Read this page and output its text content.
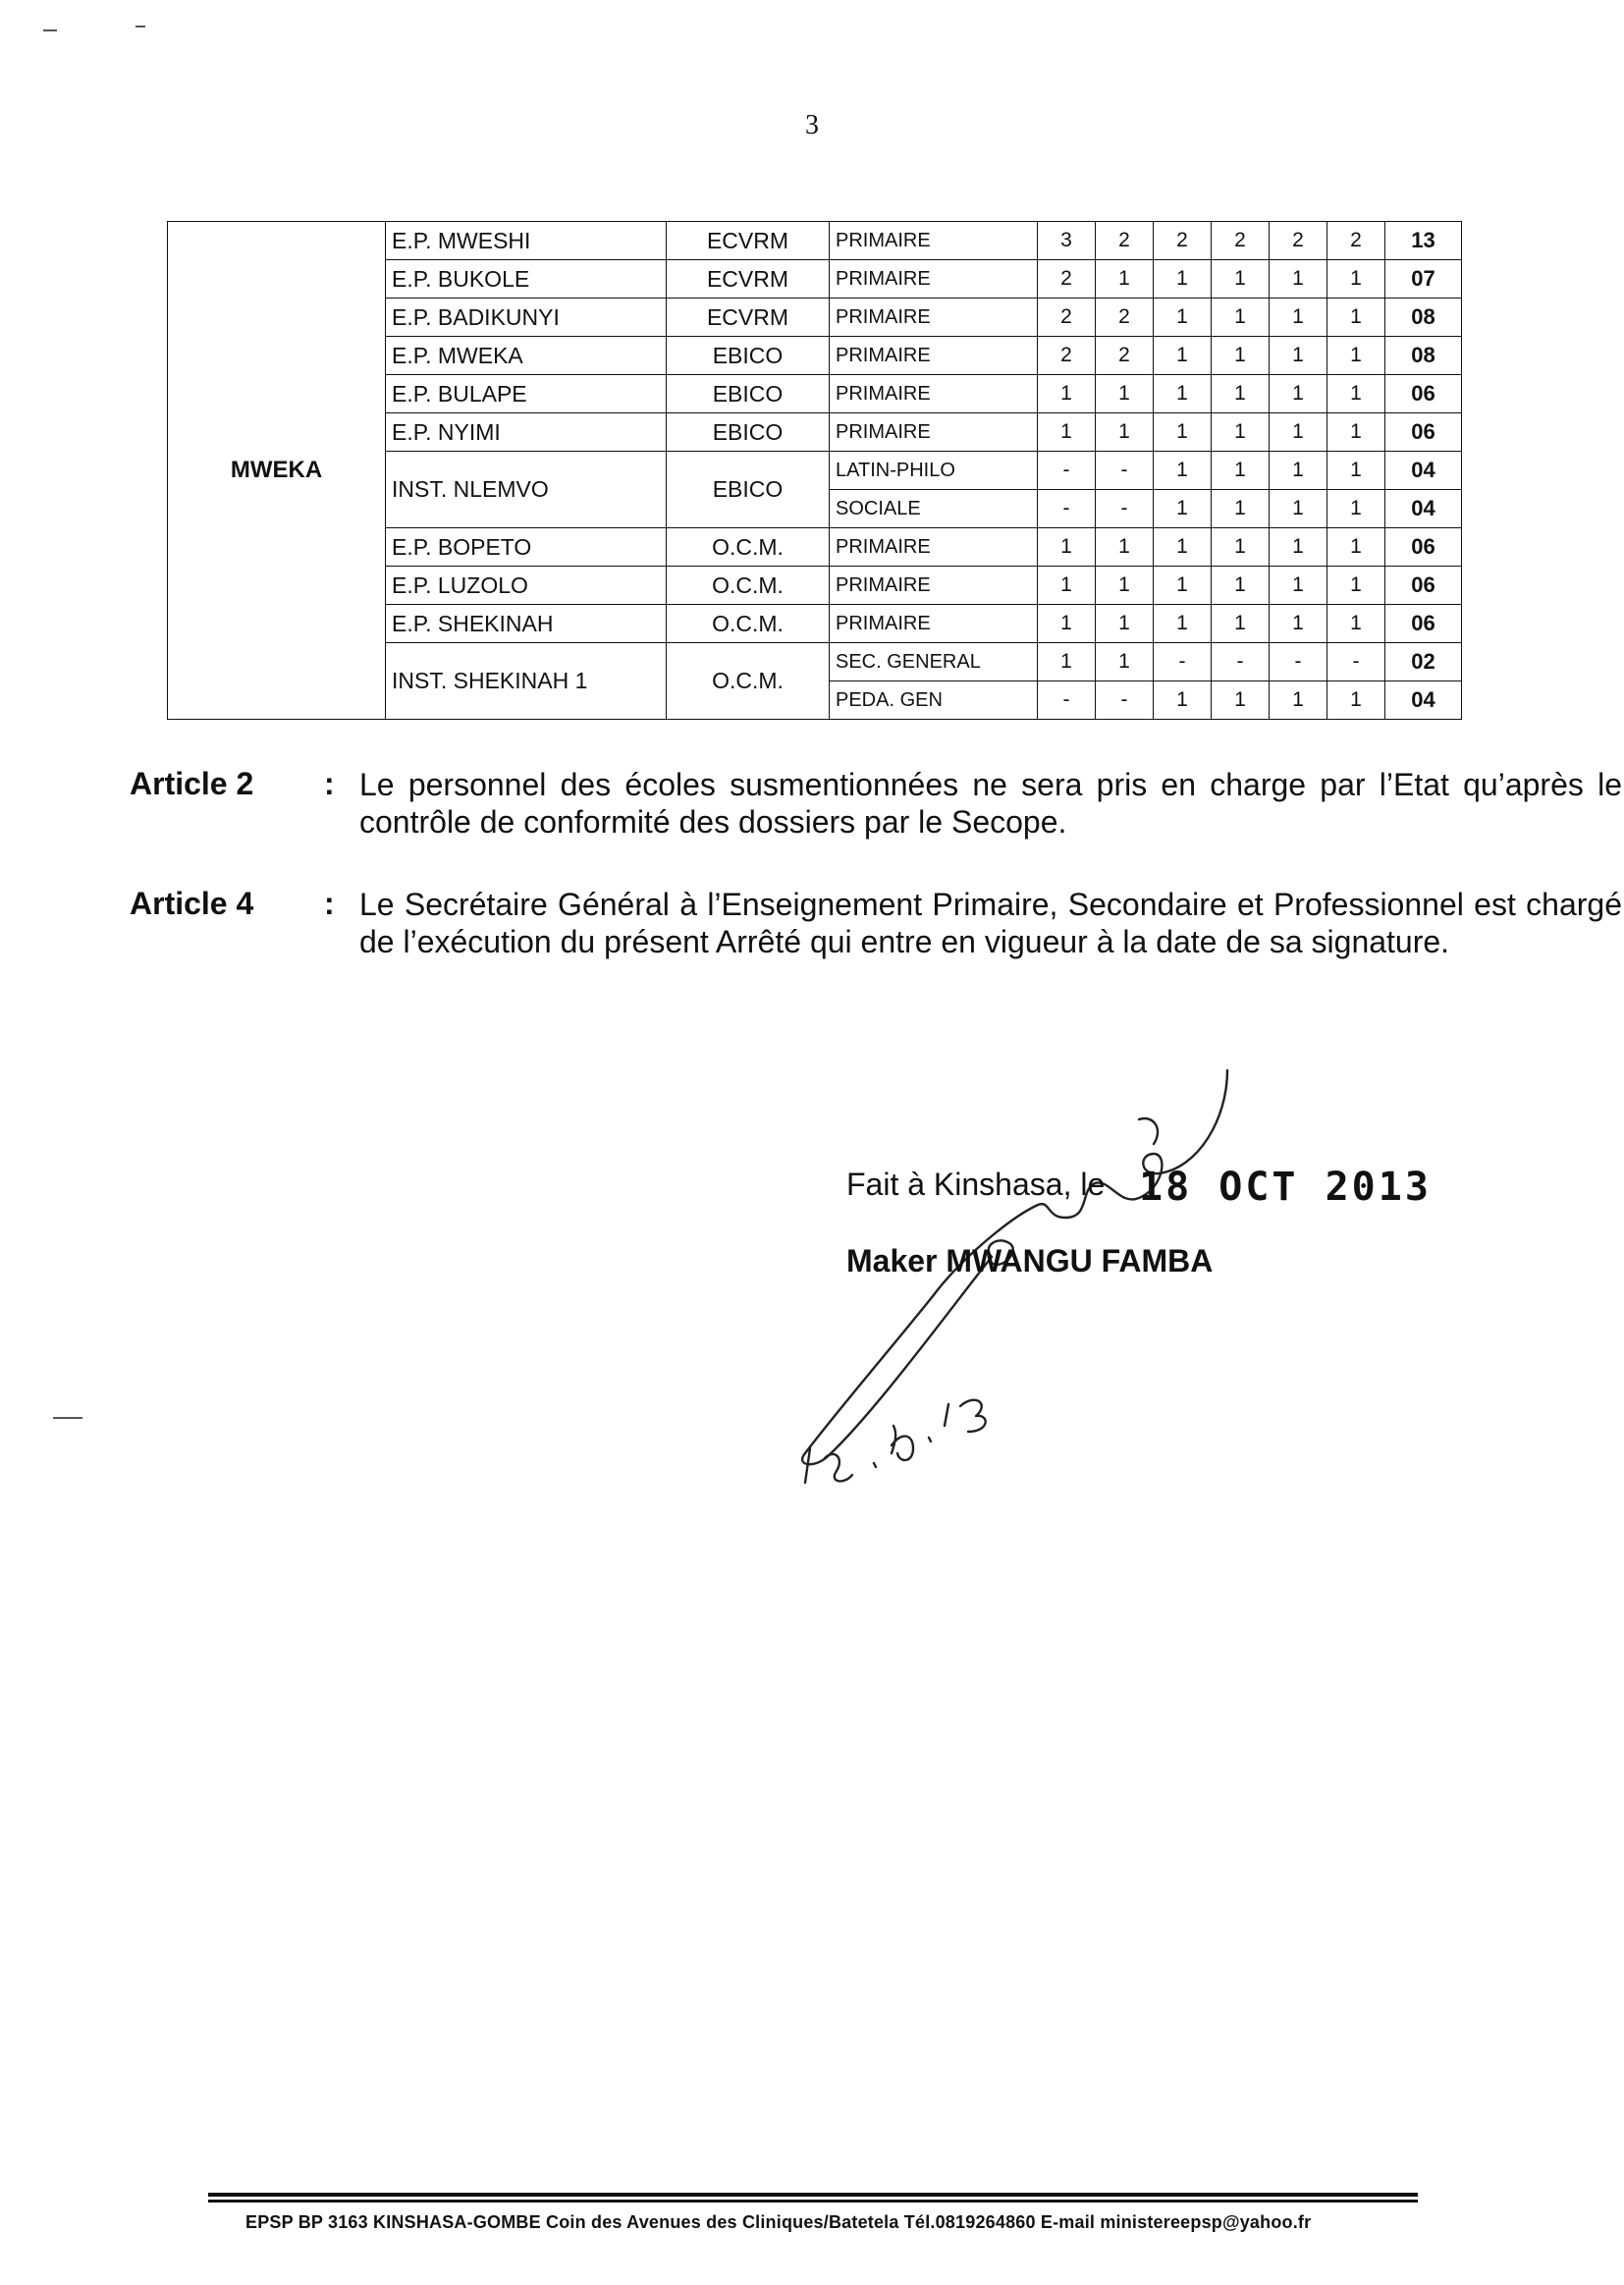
3
MWEKA	E.P. MWESHI	ECVRM	PRIMAIRE	3	2	2	2	2	2	13
	E.P. BUKOLE	ECVRM	PRIMAIRE	2	1	1	1	1	1	07
	E.P. BADIKUNYI	ECVRM	PRIMAIRE	2	2	1	1	1	1	08
	E.P. MWEKA	EBICO	PRIMAIRE	2	2	1	1	1	1	08
	E.P. BULAPE	EBICO	PRIMAIRE	1	1	1	1	1	1	06
	E.P. NYIMI	EBICO	PRIMAIRE	1	1	1	1	1	1	06
	INST. NLEMVO	EBICO	LATIN-PHILO	-	-	1	1	1	1	04
			SOCIALE	-	-	1	1	1	1	04
	E.P. BOPETO	O.C.M.	PRIMAIRE	1	1	1	1	1	1	06
	E.P. LUZOLO	O.C.M.	PRIMAIRE	1	1	1	1	1	1	06
	E.P. SHEKINAH	O.C.M.	PRIMAIRE	1	1	1	1	1	1	06
	INST. SHEKINAH 1	O.C.M.	SEC. GENERAL	1	1	-	-	-	-	02
			PEDA. GEN	-	-	1	1	1	1	04
Article 2 : Le personnel des écoles susmentionnées ne sera pris en charge par l’Etat qu’après le contrôle de conformité des dossiers par le Secope.
Article 4 : Le Secrétaire Général à l’Enseignement Primaire, Secondaire et Professionnel est chargé de l’exécution du présent Arrêté qui entre en vigueur à la date de sa signature.
Fait à Kinshasa, le 18 OCT 2013
Maker MWANGU FAMBA
EPSP BP 3163 KINSHASA-GOMBE Coin des Avenues des Cliniques/Batetela Tél.0819264860 E-mail ministereepsp@yahoo.fr
